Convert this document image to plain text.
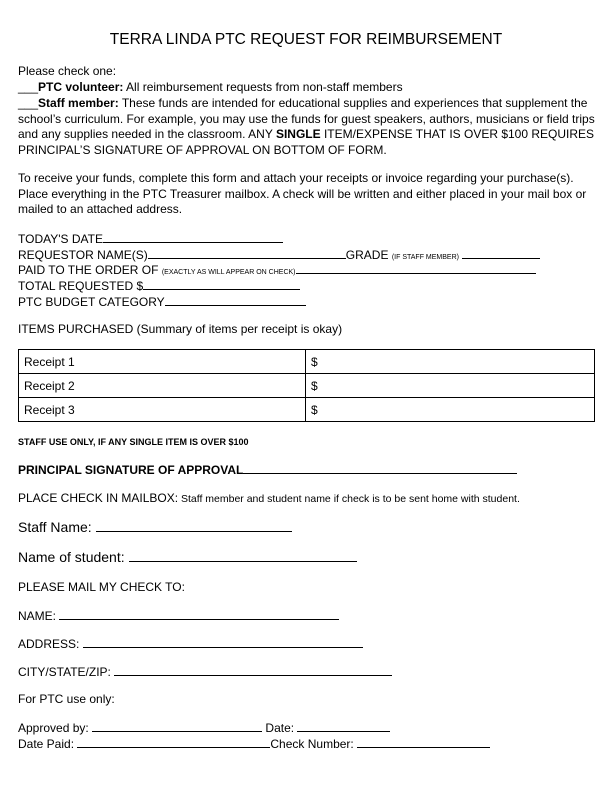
TERRA LINDA PTC REQUEST FOR REIMBURSEMENT
Please check one:
___PTC volunteer: All reimbursement requests from non-staff members
___Staff member: These funds are intended for educational supplies and experiences that supplement the school’s curriculum. For example, you may use the funds for guest speakers, authors, musicians or field trips and any supplies needed in the classroom. ANY SINGLE ITEM/EXPENSE THAT IS OVER $100 REQUIRES PRINCIPAL’S SIGNATURE OF APPROVAL ON BOTTOM OF FORM.
To receive your funds, complete this form and attach your receipts or invoice regarding your purchase(s). Place everything in the PTC Treasurer mailbox. A check will be written and either placed in your mail box or mailed to an attached address.
TODAY'S DATE
REQUESTOR NAME(S)	GRADE (IF STAFF MEMBER)
PAID TO THE ORDER OF (EXACTLY AS WILL APPEAR ON CHECK)
TOTAL REQUESTED $
PTC BUDGET CATEGORY
ITEMS PURCHASED (Summary of items per receipt is okay)
Receipt 1	$
Receipt 2	$
Receipt 3	$
STAFF USE ONLY, IF ANY SINGLE ITEM IS OVER $100
PRINCIPAL SIGNATURE OF APPROVAL
PLACE CHECK IN MAILBOX: Staff member and student name if check is to be sent home with student.
Staff Name:
Name of student:
PLEASE MAIL MY CHECK TO:
NAME:
ADDRESS:
CITY/STATE/ZIP:
For PTC use only:
Approved by:	Date:
Date Paid:	Check Number:
